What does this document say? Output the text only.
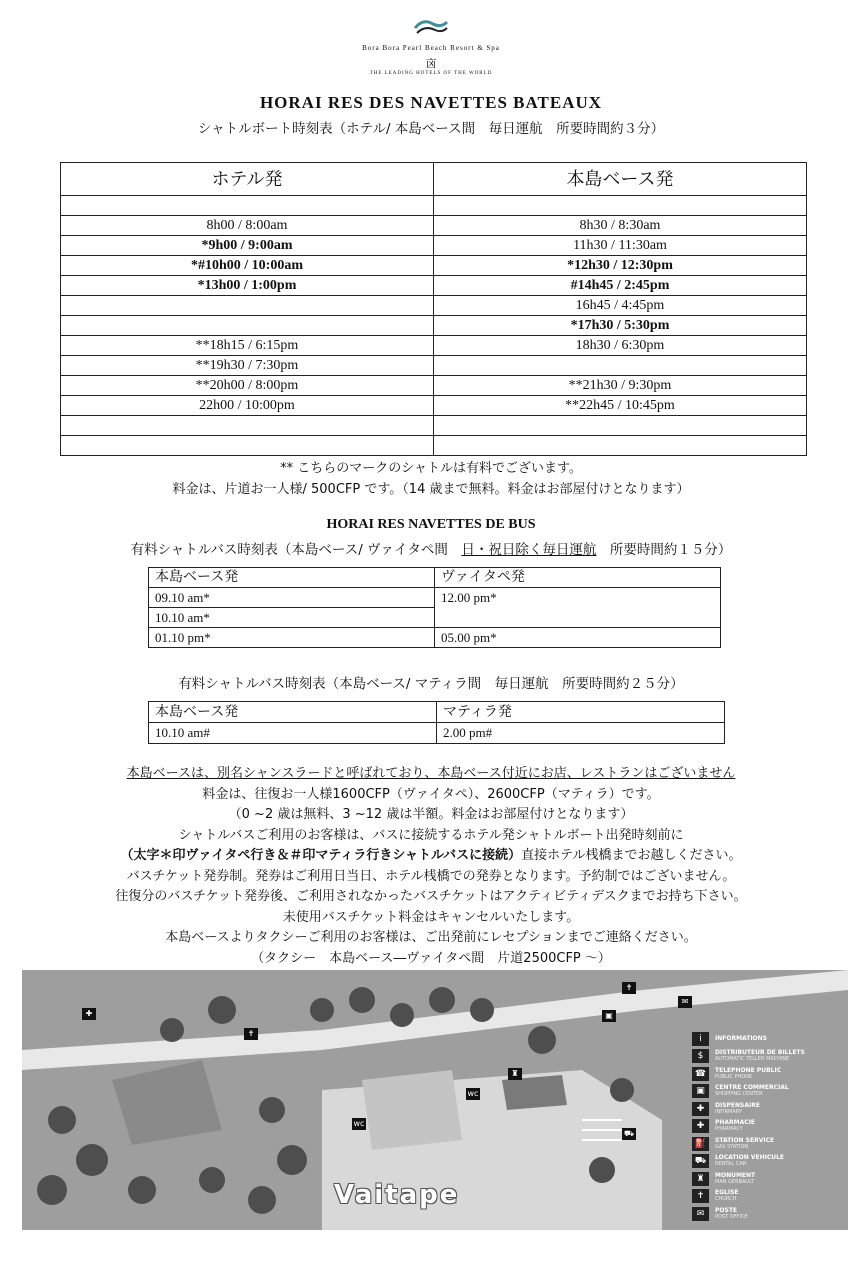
Bora Bora Pearl Beach Resort & Spa
㐫
THE LEADING HOTELS OF THE WORLD
HORAI RES DES NAVETTES BATEAUX
シャトルボート時刻表（ホテル/ 本島ベース間　毎日運航　所要時間約３分）
ホテル発	本島ベース発

8h00 / 8:00am	8h30 / 8:30am
*9h00 / 9:00am	11h30 / 11:30am
*#10h00 / 10:00am	*12h30 / 12:30pm
*13h00 / 1:00pm	#14h45 / 2:45pm
	16h45 / 4:45pm
	*17h30 / 5:30pm
**18h15 / 6:15pm	18h30 / 6:30pm
**19h30 / 7:30pm	
**20h00 / 8:00pm	**21h30 / 9:30pm
22h00 / 10:00pm	**22h45 / 10:45pm

** こちらのマークのシャトルは有料でございます。
料金は、片道お一人様/ 500CFP です。（14 歳まで無料。料金はお部屋付けとなります）
HORAI RES NAVETTES DE BUS
有料シャトルバス時刻表（本島ベース/ ヴァイタペ間　日・祝日除く毎日運航　所要時間約１５分）
本島ベース発	ヴァイタペ発
09.10 am*	12.00 pm*
10.10 am*	
01.10 pm*	05.00 pm*
有料シャトルバス時刻表（本島ベース/ マティラ間　毎日運航　所要時間約２５分）
本島ベース発	マティラ発
10.10 am#	2.00 pm#
本島ベースは、別名シャンスラードと呼ばれており、本島ベース付近にお店、レストランはございません
料金は、往復お一人様1600CFP（ヴァイタペ）、2600CFP（マティラ）です。
（0 ~2 歳は無料、3 ~12 歳は半額。料金はお部屋付けとなります）
シャトルバスご利用のお客様は、バスに接続するホテル発シャトルボート出発時刻前に
（太字＊印ヴァイタペ行き＆＃印マティラ行きシャトルバスに接続）直接ホテル桟橋までお越しください。
バスチケット発券制。発券はご利用日当日、ホテル桟橋での発券となります。予約制ではございません。
往復分のバスチケット発券後、ご利用されなかったバスチケットはアクティビティデスクまでお持ち下さい。
未使用バスチケット料金はキャンセルいたします。
本島ベースよりタクシーご利用のお客様は、ご出発前にレセプションまでご連絡ください。
（タクシー　本島ベース―ヴァイタペ間　片道2500CFP ～）
✚
✝
✝
wc
wc
♜
⛟
▣
✉
Vaitape
i	INFORMATIONS
$	DISTRIBUTEUR DE BILLETS
AUTOMATIC TELLER MACHINE
☎	TELEPHONE PUBLIC
PUBLIC PHONE
▣	CENTRE COMMERCIAL
SHOPPING CENTER
✚	DISPENSAIRE
INFIRMARY
✚	PHARMACIE
PHARMACY
⛽	STATION SERVICE
GAS STATION
⛟	LOCATION VEHICULE
RENTAL CAR
♜	MONUMENT
MAN GERBAULT
✝	EGLISE
CHURCH
✉	POSTE
POST OFFICE
